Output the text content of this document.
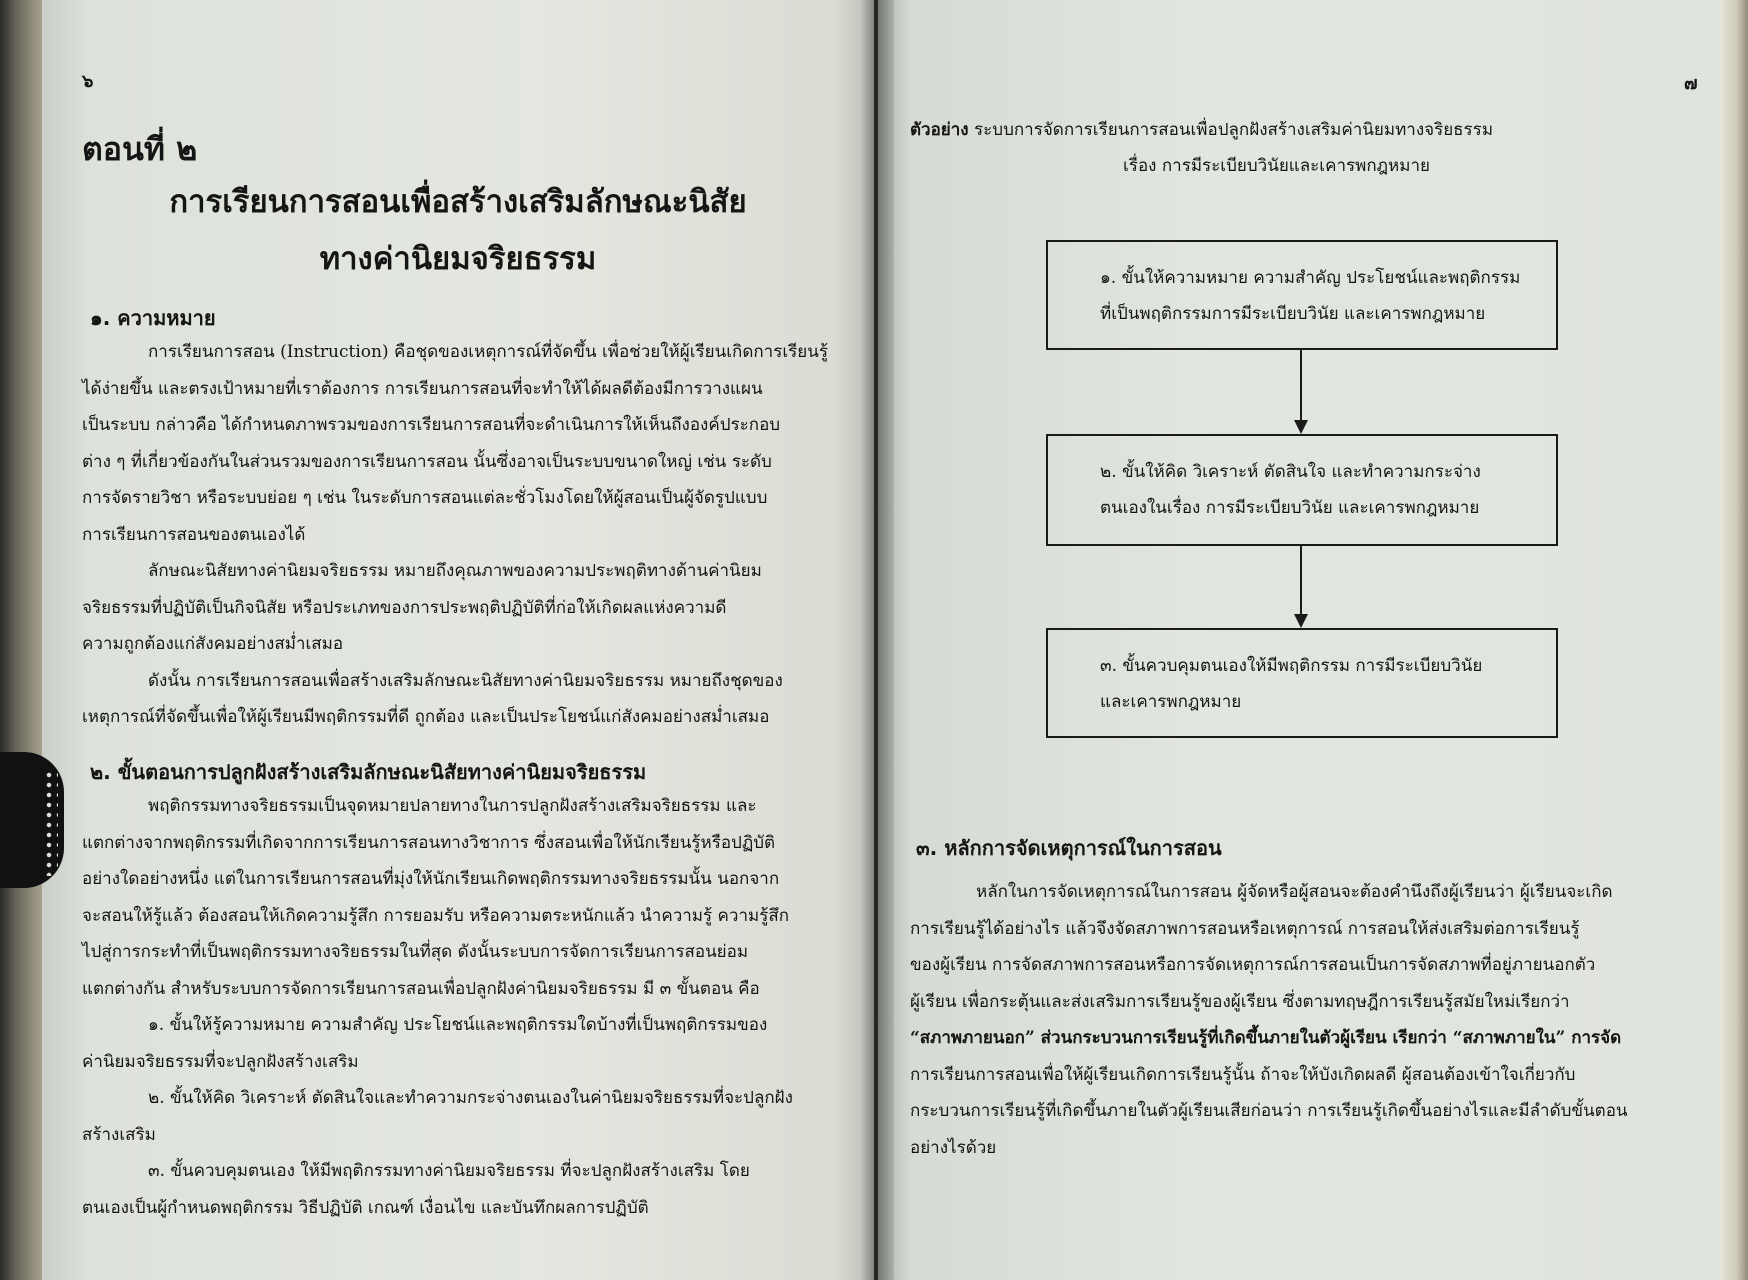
๖
ตอนที่ ๒
การเรียนการสอนเพื่อสร้างเสริมลักษณะนิสัย
ทางค่านิยมจริยธรรม
๑. ความหมาย
การเรียนการสอน (Instruction) คือชุดของเหตุการณ์ที่จัดขึ้น เพื่อช่วยให้ผู้เรียนเกิดการเรียนรู้
ได้ง่ายขึ้น และตรงเป้าหมายที่เราต้องการ การเรียนการสอนที่จะทำให้ได้ผลดีต้องมีการวางแผน
เป็นระบบ กล่าวคือ ได้กำหนดภาพรวมของการเรียนการสอนที่จะดำเนินการให้เห็นถึงองค์ประกอบ
ต่าง ๆ ที่เกี่ยวข้องกันในส่วนรวมของการเรียนการสอน นั้นซึ่งอาจเป็นระบบขนาดใหญ่ เช่น ระดับ
การจัดรายวิชา หรือระบบย่อย ๆ เช่น ในระดับการสอนแต่ละชั่วโมงโดยให้ผู้สอนเป็นผู้จัดรูปแบบ
การเรียนการสอนของตนเองได้
ลักษณะนิสัยทางค่านิยมจริยธรรม หมายถึงคุณภาพของความประพฤติทางด้านค่านิยม
จริยธรรมที่ปฏิบัติเป็นกิจนิสัย หรือประเภทของการประพฤติปฏิบัติที่ก่อให้เกิดผลแห่งความดี
ความถูกต้องแก่สังคมอย่างสม่ำเสมอ
ดังนั้น การเรียนการสอนเพื่อสร้างเสริมลักษณะนิสัยทางค่านิยมจริยธรรม หมายถึงชุดของ
เหตุการณ์ที่จัดขึ้นเพื่อให้ผู้เรียนมีพฤติกรรมที่ดี ถูกต้อง และเป็นประโยชน์แก่สังคมอย่างสม่ำเสมอ
๒. ขั้นตอนการปลูกฝังสร้างเสริมลักษณะนิสัยทางค่านิยมจริยธรรม
พฤติกรรมทางจริยธรรมเป็นจุดหมายปลายทางในการปลูกฝังสร้างเสริมจริยธรรม และ
แตกต่างจากพฤติกรรมที่เกิดจากการเรียนการสอนทางวิชาการ ซึ่งสอนเพื่อให้นักเรียนรู้หรือปฏิบัติ
อย่างใดอย่างหนึ่ง แต่ในการเรียนการสอนที่มุ่งให้นักเรียนเกิดพฤติกรรมทางจริยธรรมนั้น นอกจาก
จะสอนให้รู้แล้ว ต้องสอนให้เกิดความรู้สึก การยอมรับ หรือความตระหนักแล้ว นำความรู้ ความรู้สึก
ไปสู่การกระทำที่เป็นพฤติกรรมทางจริยธรรมในที่สุด ดังนั้นระบบการจัดการเรียนการสอนย่อม
แตกต่างกัน สำหรับระบบการจัดการเรียนการสอนเพื่อปลูกฝังค่านิยมจริยธรรม มี ๓ ขั้นตอน คือ
๑. ขั้นให้รู้ความหมาย ความสำคัญ ประโยชน์และพฤติกรรมใดบ้างที่เป็นพฤติกรรมของ
ค่านิยมจริยธรรมที่จะปลูกฝังสร้างเสริม
๒. ขั้นให้คิด วิเคราะห์ ตัดสินใจและทำความกระจ่างตนเองในค่านิยมจริยธรรมที่จะปลูกฝัง
สร้างเสริม
๓. ขั้นควบคุมตนเอง ให้มีพฤติกรรมทางค่านิยมจริยธรรม ที่จะปลูกฝังสร้างเสริม โดย
ตนเองเป็นผู้กำหนดพฤติกรรม วิธีปฏิบัติ เกณฑ์ เงื่อนไข และบันทึกผลการปฏิบัติ
๗
ตัวอย่าง ระบบการจัดการเรียนการสอนเพื่อปลูกฝังสร้างเสริมค่านิยมทางจริยธรรม
เรื่อง การมีระเบียบวินัยและเคารพกฎหมาย
๑. ขั้นให้ความหมาย ความสำคัญ ประโยชน์และพฤติกรรม
ที่เป็นพฤติกรรมการมีระเบียบวินัย และเคารพกฎหมาย
๒. ขั้นให้คิด วิเคราะห์ ตัดสินใจ และทำความกระจ่าง
ตนเองในเรื่อง การมีระเบียบวินัย และเคารพกฎหมาย
๓. ขั้นควบคุมตนเองให้มีพฤติกรรม การมีระเบียบวินัย
และเคารพกฎหมาย
๓. หลักการจัดเหตุการณ์ในการสอน
หลักในการจัดเหตุการณ์ในการสอน ผู้จัดหรือผู้สอนจะต้องคำนึงถึงผู้เรียนว่า ผู้เรียนจะเกิด
การเรียนรู้ได้อย่างไร แล้วจึงจัดสภาพการสอนหรือเหตุการณ์ การสอนให้ส่งเสริมต่อการเรียนรู้
ของผู้เรียน การจัดสภาพการสอนหรือการจัดเหตุการณ์การสอนเป็นการจัดสภาพที่อยู่ภายนอกตัว
ผู้เรียน เพื่อกระตุ้นและส่งเสริมการเรียนรู้ของผู้เรียน ซึ่งตามทฤษฎีการเรียนรู้สมัยใหม่เรียกว่า
“สภาพภายนอก” ส่วนกระบวนการเรียนรู้ที่เกิดขึ้นภายในตัวผู้เรียน เรียกว่า “สภาพภายใน” การจัด
การเรียนการสอนเพื่อให้ผู้เรียนเกิดการเรียนรู้นั้น ถ้าจะให้บังเกิดผลดี ผู้สอนต้องเข้าใจเกี่ยวกับ
กระบวนการเรียนรู้ที่เกิดขึ้นภายในตัวผู้เรียนเสียก่อนว่า การเรียนรู้เกิดขึ้นอย่างไรและมีลำดับขั้นตอน
อย่างไรด้วย
